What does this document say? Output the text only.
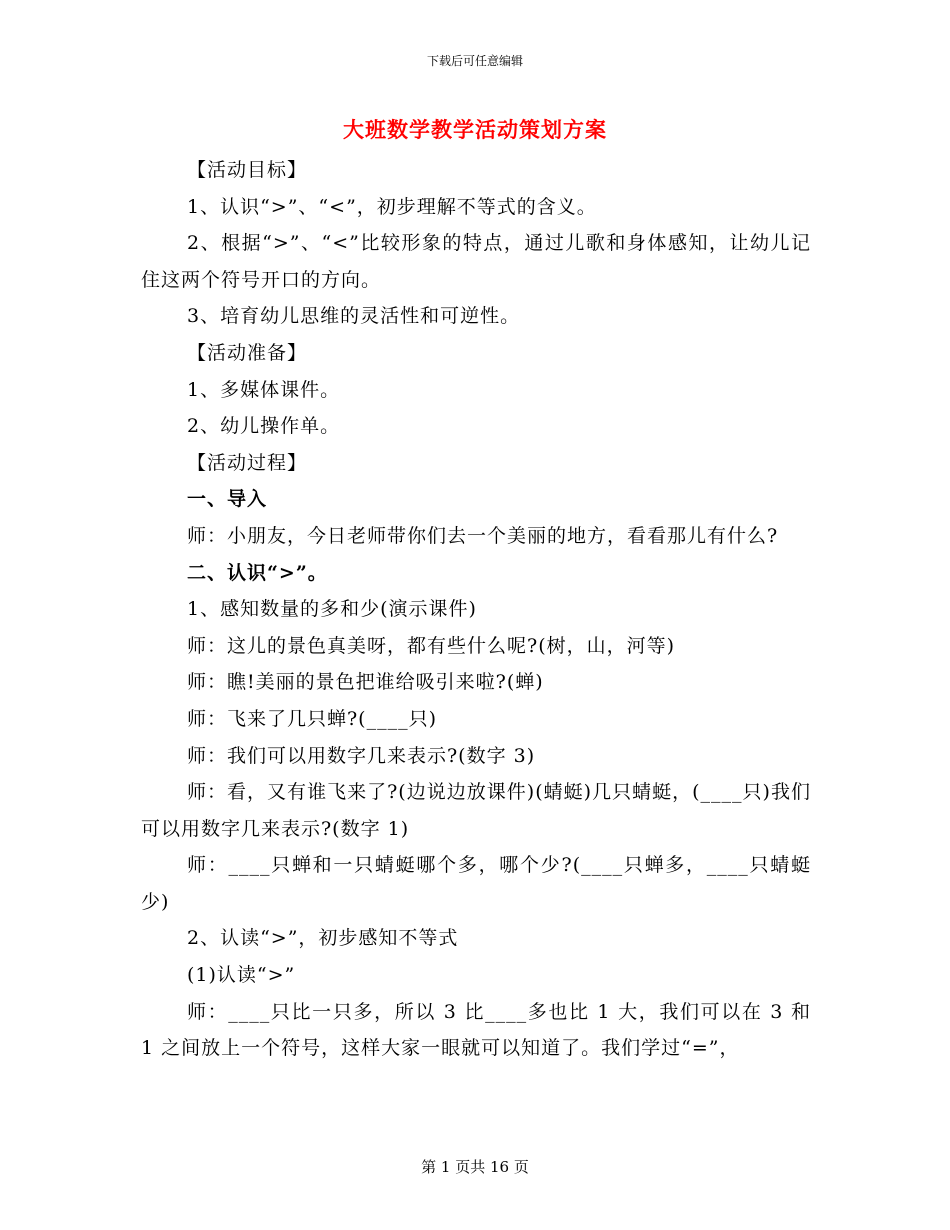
下载后可任意编辑
大班数学教学活动策划方案

【活动目标】

1、认识“>”、“<”，初步理解不等式的含义。

2、根据“>”、“<”比较形象的特点，通过儿歌和身体感知，让幼儿记住这两个符号开口的方向。

3、培育幼儿思维的灵活性和可逆性。

【活动准备】

1、多媒体课件。

2、幼儿操作单。

【活动过程】

一、导入

师：小朋友，今日老师带你们去一个美丽的地方，看看那儿有什么?

二、认识“>”。

1、感知数量的多和少(演示课件)

师：这儿的景色真美呀，都有些什么呢?(树，山，河等)

师：瞧!美丽的景色把谁给吸引来啦?(蝉)

师：飞来了几只蝉?(____只)

师：我们可以用数字几来表示?(数字 3)

师：看，又有谁飞来了?(边说边放课件)(蜻蜓)几只蜻蜓，(____只)我们可以用数字几来表示?(数字 1)

师：____只蝉和一只蜻蜓哪个多，哪个少?(____只蝉多，____只蜻蜓少)

2、认读“>”，初步感知不等式

(1)认读“>”

师：____只比一只多，所以 3 比____多也比 1 大，我们可以在 3 和 1 之间放上一个符号，这样大家一眼就可以知道了。我们学过“=”，

第 1 页共 16 页
